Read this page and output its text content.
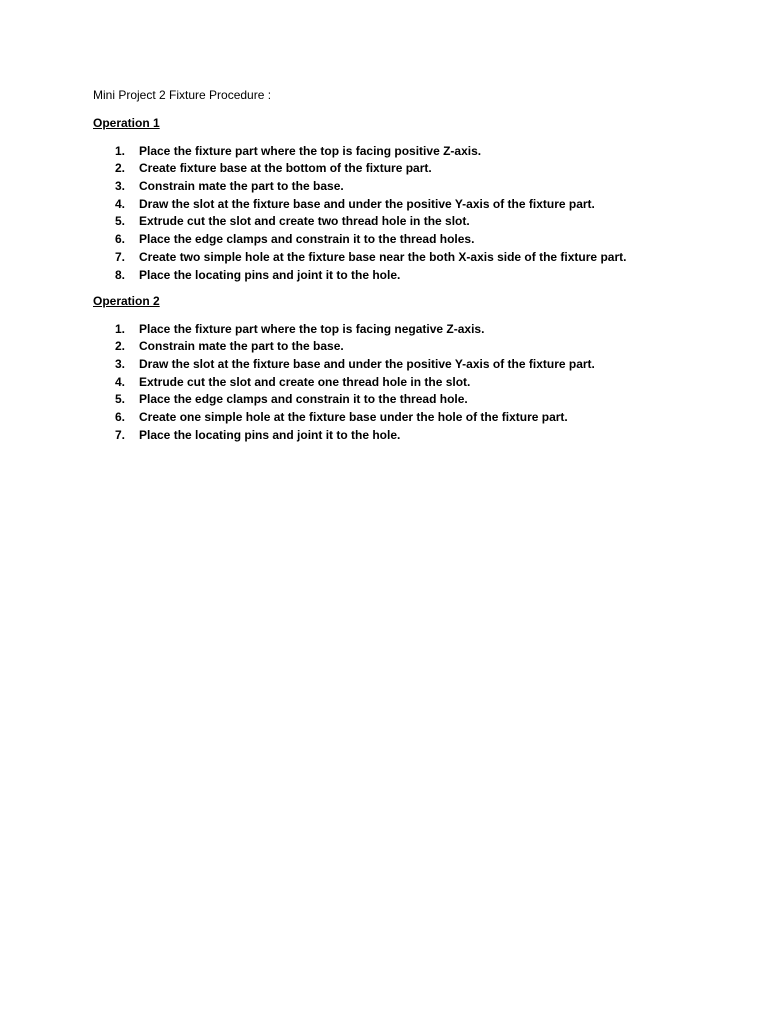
Mini Project 2 Fixture Procedure :
Operation 1
1.	Place the fixture part where the top is facing positive Z-axis.
2.	Create fixture base at the bottom of the fixture part.
3.	Constrain mate the part to the base.
4.	Draw the slot at the fixture base and under the positive Y-axis of the fixture part.
5.	Extrude cut the slot and create two thread hole in the slot.
6.	Place the edge clamps and constrain it to the thread holes.
7.	Create two simple hole at the fixture base near the both X-axis side of the fixture part.
8.	Place the locating pins and joint it to the hole.
Operation 2
1.	Place the fixture part where the top is facing negative Z-axis.
2.	Constrain mate the part to the base.
3.	Draw the slot at the fixture base and under the positive Y-axis of the fixture part.
4.	Extrude cut the slot and create one thread hole in the slot.
5.	Place the edge clamps and constrain it to the thread hole.
6.	Create one simple hole at the fixture base under the hole of the fixture part.
7.	Place the locating pins and joint it to the hole.
